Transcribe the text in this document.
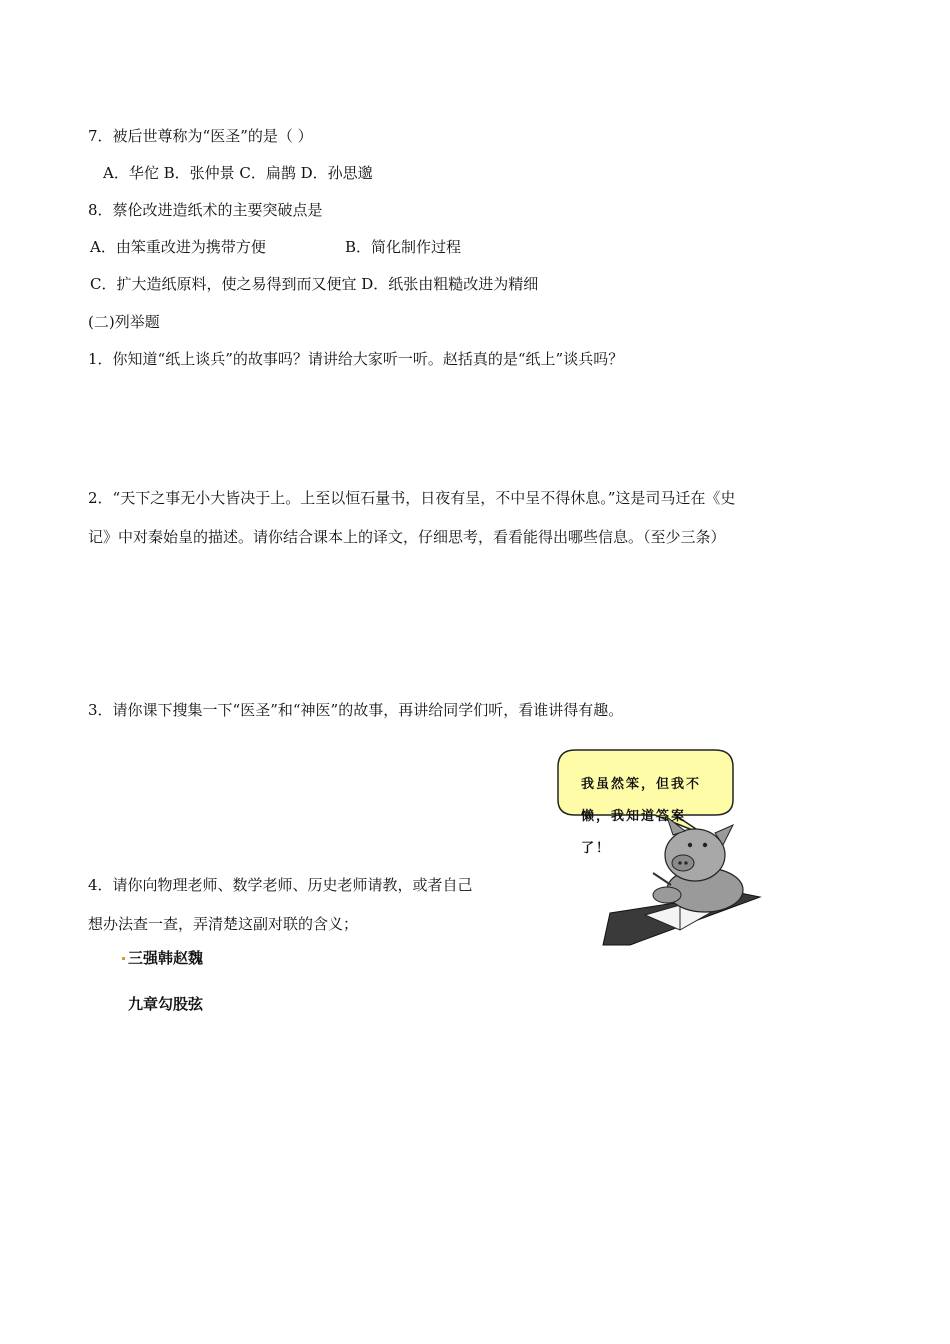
7．被后世尊称为“医圣”的是（ ）
A．华佗 B．张仲景 C．扁鹊 D．孙思邈
8．蔡伦改进造纸术的主要突破点是
A．由笨重改进为携带方便	B．简化制作过程
C．扩大造纸原料，使之易得到而又便宜 D．纸张由粗糙改进为精细
(二)列举题
1．你知道“纸上谈兵”的故事吗？请讲给大家听一听。赵括真的是“纸上”谈兵吗？
2．“天下之事无小大皆决于上。上至以恒石量书，日夜有呈，不中呈不得休息。”这是司马迁在《史
记》中对秦始皇的描述。请你结合课本上的译文，仔细思考，看看能得出哪些信息。（至少三条）
3．请你课下搜集一下“医圣”和“神医”的故事，再讲给同学们听，看谁讲得有趣。
4．请你向物理老师、数学老师、历史老师请教，或者自己
想办法查一查，弄清楚这副对联的含义；
三强韩赵魏
九章勾股弦
我虽然笨，但我不
懒，我知道答案
了！
